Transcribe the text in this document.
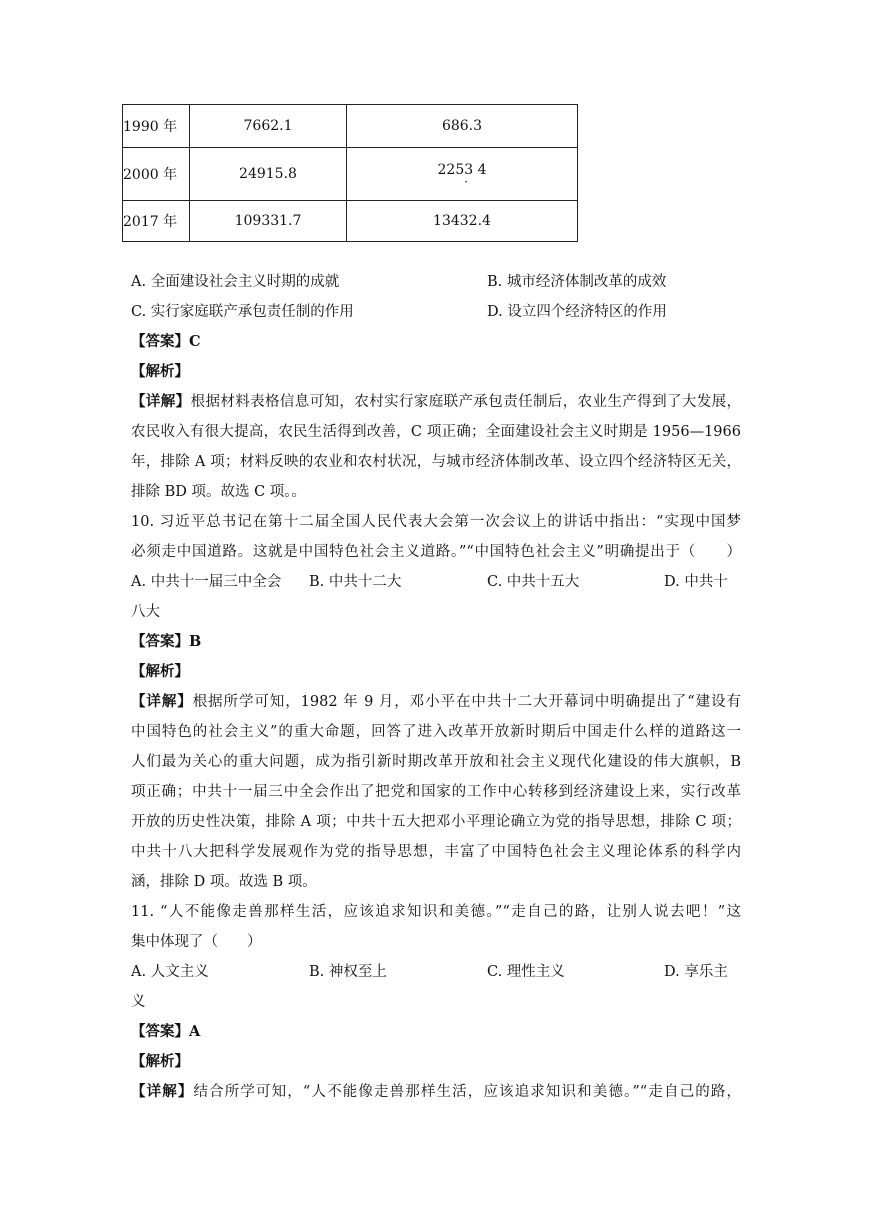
1990 年	7662.1	686.3
2000 年	24915.8	2253 4
·

2017 年	109331.7	13432.4
A. 全面建设社会主义时期的成就	B. 城市经济体制改革的成效
C. 实行家庭联产承包责任制的作用	D. 设立四个经济特区的作用
【答案】C
【解析】
【详解】根据材料表格信息可知，农村实行家庭联产承包责任制后，农业生产得到了大发展，
农民收入有很大提高，农民生活得到改善，C 项正确；全面建设社会主义时期是 1956—1966
年，排除 A 项；材料反映的农业和农村状况，与城市经济体制改革、设立四个经济特区无关，
排除 BD 项。故选 C 项。。
10. 习近平总书记在第十二届全国人民代表大会第一次会议上的讲话中指出：“实现中国梦
必须走中国道路。这就是中国特色社会主义道路。”“中国特色社会主义”明确提出于（　　）
A. 中共十一届三中全会 B. 中共十二大	C. 中共十五大	D. 中共十
八大
【答案】B
【解析】
【详解】根据所学可知，1982 年 9 月，邓小平在中共十二大开幕词中明确提出了“建设有
中国特色的社会主义”的重大命题，回答了进入改革开放新时期后中国走什么样的道路这一
人们最为关心的重大问题，成为指引新时期改革开放和社会主义现代化建设的伟大旗帜，B
项正确；中共十一届三中全会作出了把党和国家的工作中心转移到经济建设上来，实行改革
开放的历史性决策，排除 A 项；中共十五大把邓小平理论确立为党的指导思想，排除 C 项；
中共十八大把科学发展观作为党的指导思想，丰富了中国特色社会主义理论体系的科学内
涵，排除 D 项。故选 B 项。
11. “人不能像走兽那样生活，应该追求知识和美德。”“走自己的路，让别人说去吧！”这
集中体现了（　　）
A. 人文主义	B. 神权至上	C. 理性主义	D. 享乐主
义
【答案】A
【解析】
【详解】结合所学可知，“人不能像走兽那样生活，应该追求知识和美德。”“走自己的路，
